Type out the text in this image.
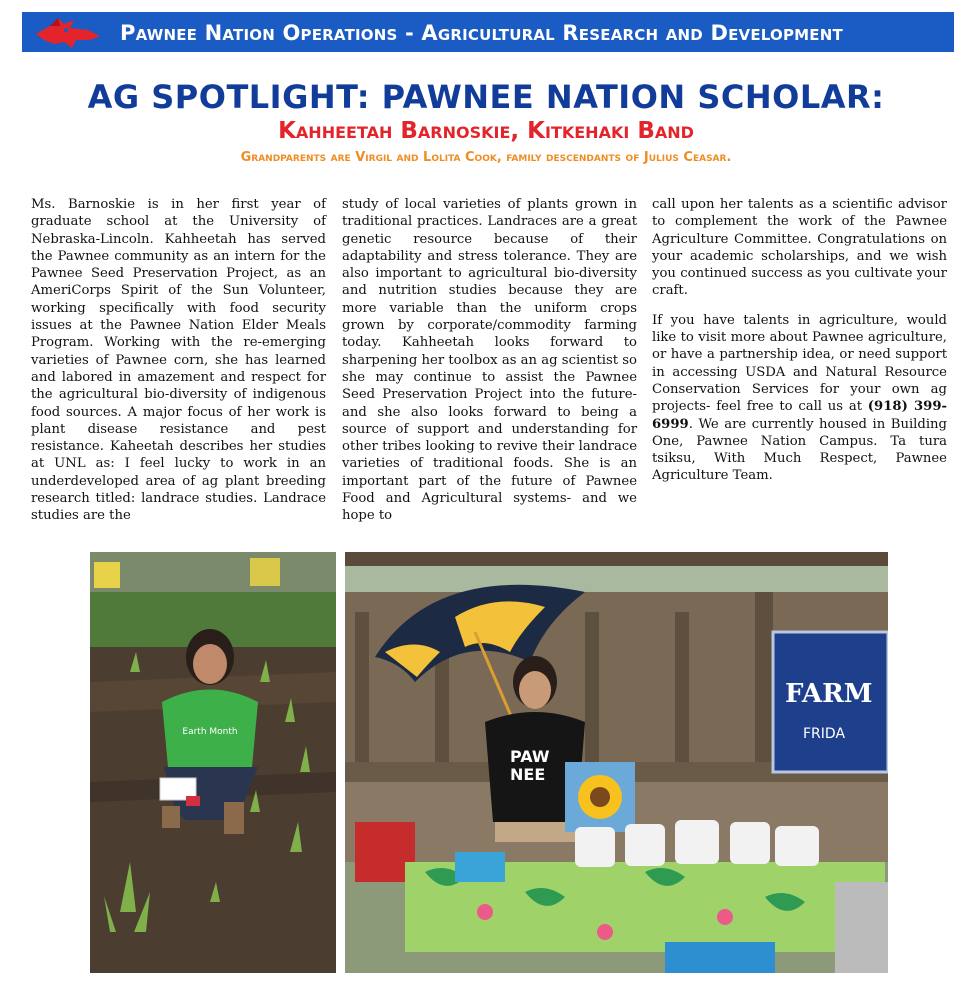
Pawnee Nation Operations - Agricultural Research and Development
AG SPOTLIGHT: PAWNEE NATION SCHOLAR:
Kahheetah Barnoskie, Kitkehaki Band
Grandparents are Virgil and Lolita Cook, family descendants of Julius Ceasar.

Ms. Barnoskie is in her first year of graduate school at the University of Nebraska-Lincoln. Kahheetah has served the Pawnee community as an intern for the Pawnee Seed Preservation Project, as an AmeriCorps Spirit of the Sun Volunteer, working specifically with food security issues at the Pawnee Nation Elder Meals Program. Working with the re-emerging varieties of Pawnee corn, she has learned and labored in amazement and respect for the agricultural bio-diversity of indigenous food sources. A major focus of her work is plant disease resistance and pest resistance. Kaheetah describes her studies at UNL as: I feel lucky to work in an underdeveloped area of ag plant breeding research titled: landrace studies. Landrace studies are the

study of local varieties of plants grown in traditional practices. Landraces are a great genetic resource because of their adaptability and stress tolerance. They are also important to agricultural bio-diversity and nutrition studies because they are more variable than the uniform crops grown by corporate/commodity farming today. Kahheetah looks forward to sharpening her toolbox as an ag scientist so she may continue to assist the Pawnee Seed Preservation Project into the future- and she also looks forward to being a source of support and understanding for other tribes looking to revive their landrace varieties of traditional foods. She is an important part of the future of Pawnee Food and Agricultural systems- and we hope to

call upon her talents as a scientific advisor to complement the work of the Pawnee Agriculture Committee. Congratulations on your academic scholarships, and we wish you continued success as you cultivate your craft.

If you have talents in agriculture, would like to visit more about Pawnee agriculture, or have a partnership idea, or need support in accessing USDA and Natural Resource Conservation Services for your own ag projects- feel free to call us at (918) 399-6999. We are currently housed in Building One, Pawnee Nation Campus. Ta tura tsiksu, With Much Respect, Pawnee Agriculture Team.

Earth Month
FARM
FRIDA
PAW
NEE
